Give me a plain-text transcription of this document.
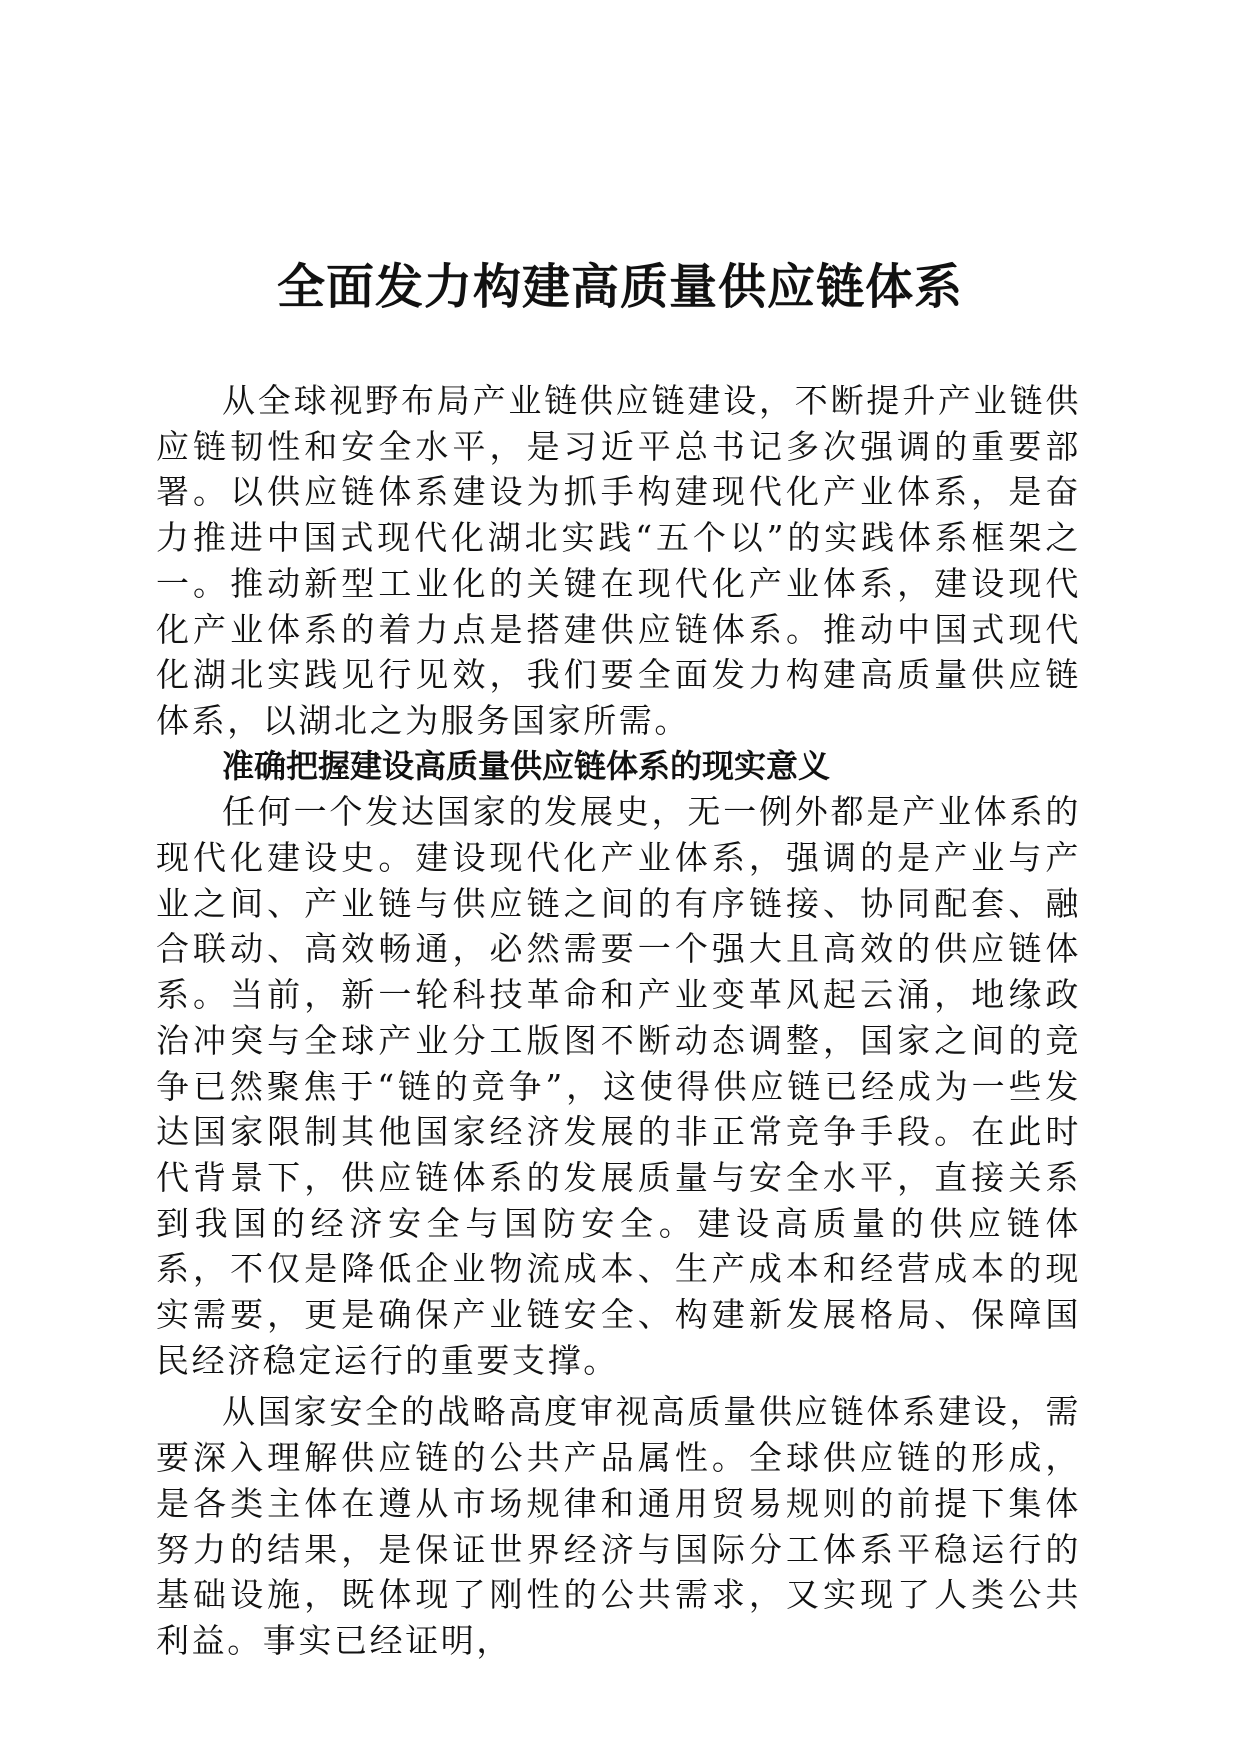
全面发力构建高质量供应链体系

从全球视野布局产业链供应链建设，不断提升产业链供应链韧性和安全水平，是习近平总书记多次强调的重要部署。以供应链体系建设为抓手构建现代化产业体系，是奋力推进中国式现代化湖北实践“五个以”的实践体系框架之一。推动新型工业化的关键在现代化产业体系，建设现代化产业体系的着力点是搭建供应链体系。推动中国式现代化湖北实践见行见效，我们要全面发力构建高质量供应链体系，以湖北之为服务国家所需。

准确把握建设高质量供应链体系的现实意义

任何一个发达国家的发展史，无一例外都是产业体系的现代化建设史。建设现代化产业体系，强调的是产业与产业之间、产业链与供应链之间的有序链接、协同配套、融合联动、高效畅通，必然需要一个强大且高效的供应链体系。当前，新一轮科技革命和产业变革风起云涌，地缘政治冲突与全球产业分工版图不断动态调整，国家之间的竞争已然聚焦于“链的竞争”，这使得供应链已经成为一些发达国家限制其他国家经济发展的非正常竞争手段。在此时代背景下，供应链体系的发展质量与安全水平，直接关系到我国的经济安全与国防安全。建设高质量的供应链体系，不仅是降低企业物流成本、生产成本和经营成本的现实需要，更是确保产业链安全、构建新发展格局、保障国民经济稳定运行的重要支撑。

从国家安全的战略高度审视高质量供应链体系建设，需要深入理解供应链的公共产品属性。全球供应链的形成，是各类主体在遵从市场规律和通用贸易规则的前提下集体努力的结果，是保证世界经济与国际分工体系平稳运行的基础设施，既体现了刚性的公共需求，又实现了人类公共利益。事实已经证明，
